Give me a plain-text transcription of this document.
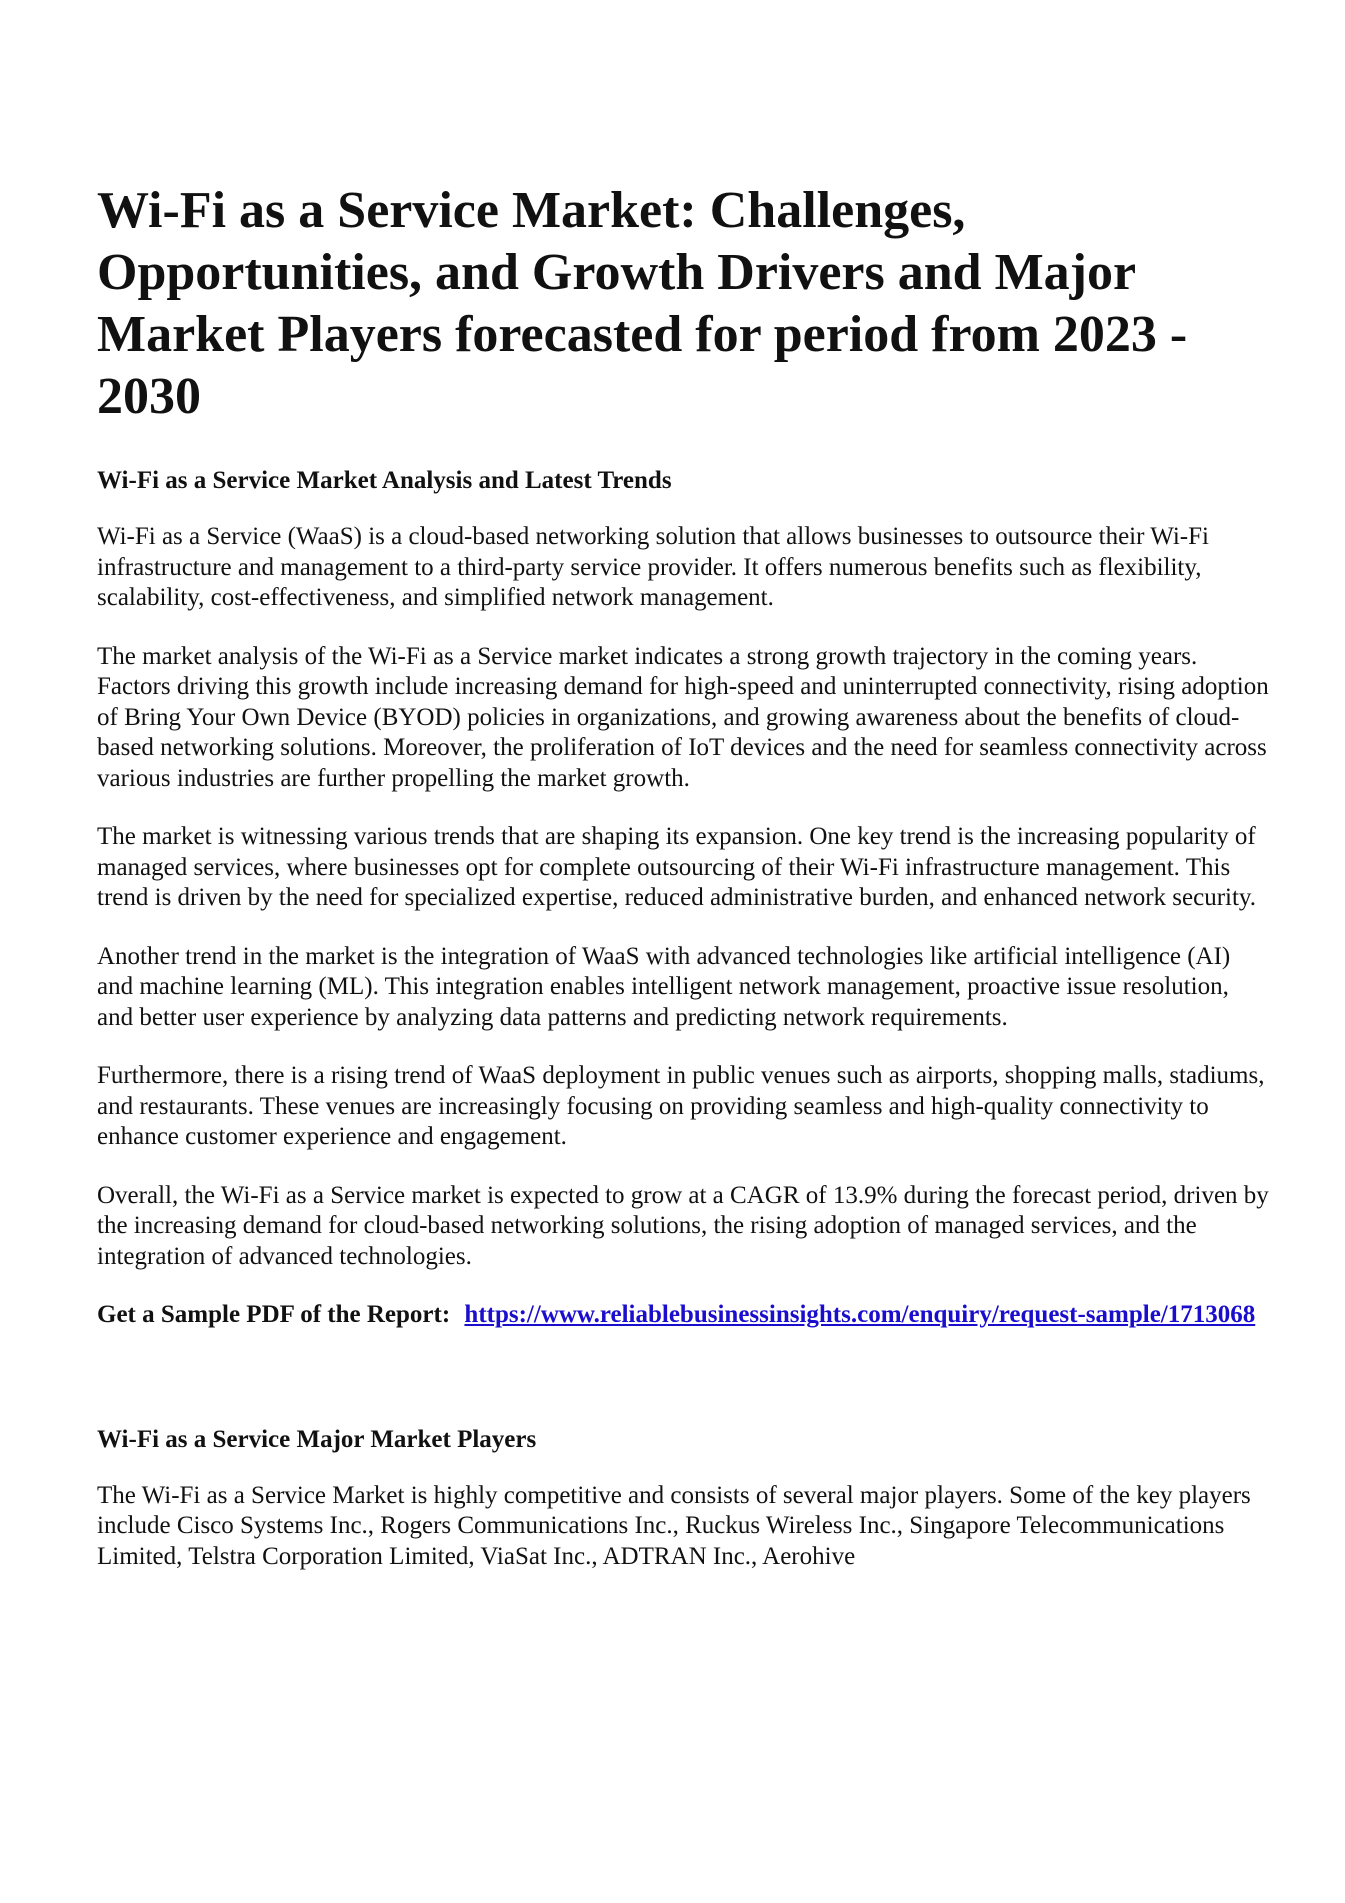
Wi-Fi as a Service Market: Challenges, Opportunities, and Growth Drivers and Major Market Players forecasted for period from 2023 - 2030
Wi-Fi as a Service Market Analysis and Latest Trends

Wi-Fi as a Service (WaaS) is a cloud-based networking solution that allows businesses to outsource their Wi-Fi infrastructure and management to a third-party service provider. It offers numerous benefits such as flexibility, scalability, cost-effectiveness, and simplified network management.

The market analysis of the Wi-Fi as a Service market indicates a strong growth trajectory in the coming years. Factors driving this growth include increasing demand for high-speed and uninterrupted connectivity, rising adoption of Bring Your Own Device (BYOD) policies in organizations, and growing awareness about the benefits of cloud-based networking solutions. Moreover, the proliferation of IoT devices and the need for seamless connectivity across various industries are further propelling the market growth.

The market is witnessing various trends that are shaping its expansion. One key trend is the increasing popularity of managed services, where businesses opt for complete outsourcing of their Wi-Fi infrastructure management. This trend is driven by the need for specialized expertise, reduced administrative burden, and enhanced network security.

Another trend in the market is the integration of WaaS with advanced technologies like artificial intelligence (AI) and machine learning (ML). This integration enables intelligent network management, proactive issue resolution, and better user experience by analyzing data patterns and predicting network requirements.

Furthermore, there is a rising trend of WaaS deployment in public venues such as airports, shopping malls, stadiums, and restaurants. These venues are increasingly focusing on providing seamless and high-quality connectivity to enhance customer experience and engagement.

Overall, the Wi-Fi as a Service market is expected to grow at a CAGR of 13.9% during the forecast period, driven by the increasing demand for cloud-based networking solutions, the rising adoption of managed services, and the integration of advanced technologies.

Get a Sample PDF of the Report: https://www.reliablebusinessinsights.com/enquiry/request-sample/1713068

Wi-Fi as a Service Major Market Players

The Wi-Fi as a Service Market is highly competitive and consists of several major players. Some of the key players include Cisco Systems Inc., Rogers Communications Inc., Ruckus Wireless Inc., Singapore Telecommunications Limited, Telstra Corporation Limited, ViaSat Inc., ADTRAN Inc., Aerohive
